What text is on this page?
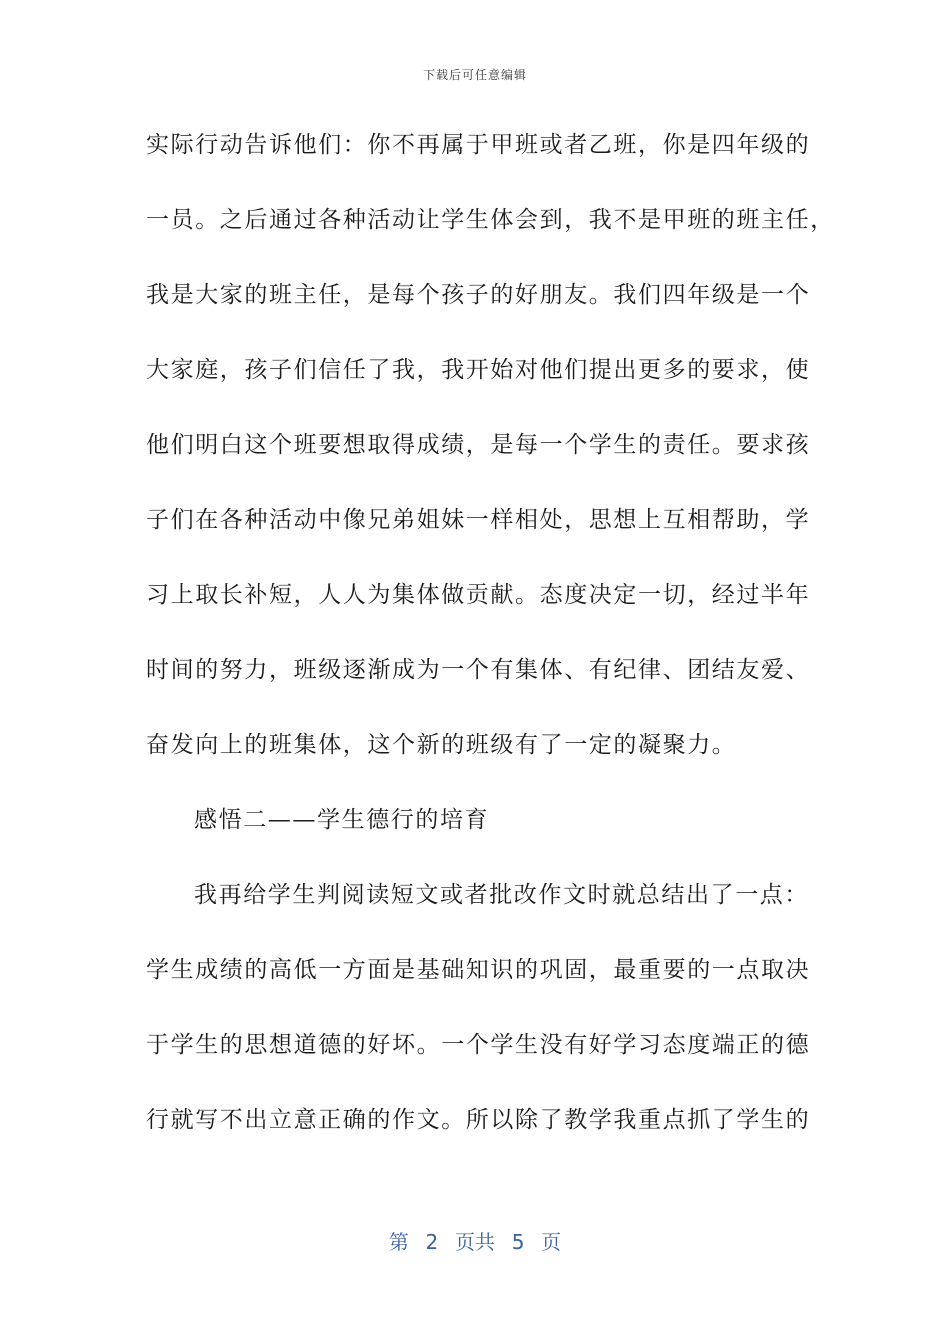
下载后可任意编辑
实际行动告诉他们：你不再属于甲班或者乙班，你是四年级的
一员。之后通过各种活动让学生体会到，我不是甲班的班主任，
我是大家的班主任，是每个孩子的好朋友。我们四年级是一个
大家庭，孩子们信任了我，我开始对他们提出更多的要求，使
他们明白这个班要想取得成绩，是每一个学生的责任。要求孩
子们在各种活动中像兄弟姐妹一样相处，思想上互相帮助，学
习上取长补短，人人为集体做贡献。态度决定一切，经过半年
时间的努力，班级逐渐成为一个有集体、有纪律、团结友爱、
奋发向上的班集体，这个新的班级有了一定的凝聚力。
感悟二——学生德行的培育
我再给学生判阅读短文或者批改作文时就总结出了一点：
学生成绩的高低一方面是基础知识的巩固，最重要的一点取决
于学生的思想道德的好坏。一个学生没有好学习态度端正的德
行就写不出立意正确的作文。所以除了教学我重点抓了学生的
第  2  页共  5  页
